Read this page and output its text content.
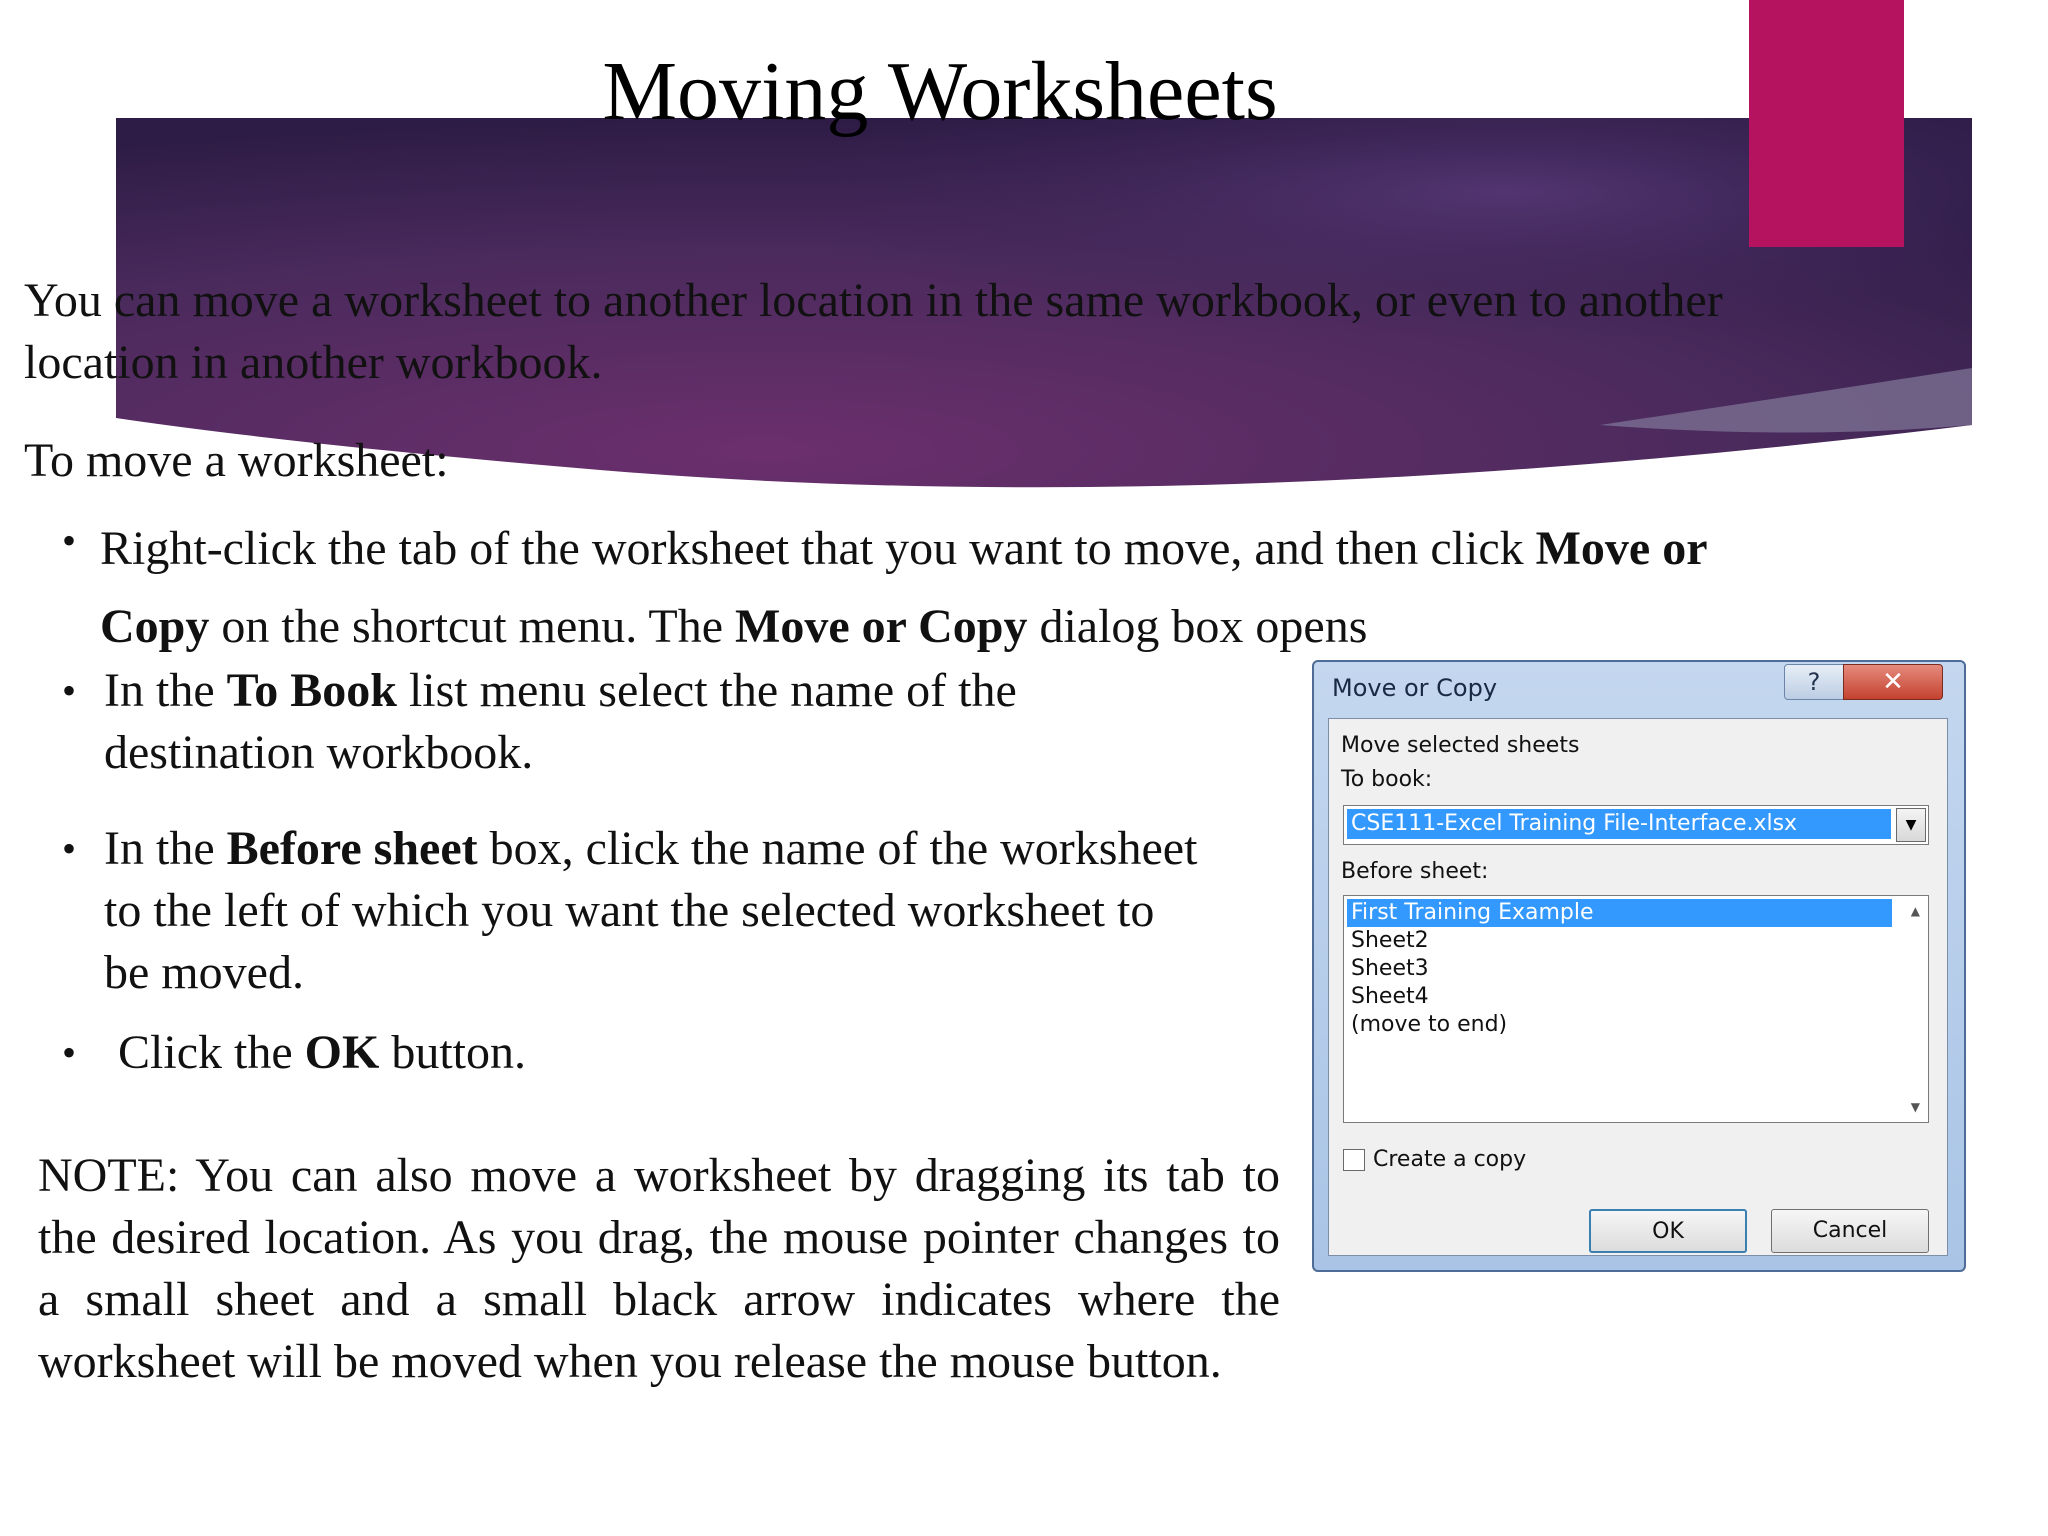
Moving Worksheets
You can move a worksheet to another location in the same workbook, or even to another
location in another workbook.
To move a worksheet:
• Right-click the tab of the worksheet that you want to move, and then click Move or
Copy on the shortcut menu. The Move or Copy dialog box opens
• In the To Book list menu select the name of the
destination workbook.
• In the Before sheet box, click the name of the worksheet
to the left of which you want the selected worksheet to
be moved.
• Click the OK button.
NOTE: You can also move a worksheet by dragging its tab to the desired location. As you drag, the mouse pointer changes to a small sheet and a small black arrow indicates where the worksheet will be moved when you release the mouse button.
Move or Copy	?	✕
Move selected sheets
To book:
CSE111-Excel Training File-Interface.xlsx	▼
Before sheet:
First Training Example
Sheet2
Sheet3
Sheet4
(move to end)
▲
▼
Create a copy
OK	Cancel
